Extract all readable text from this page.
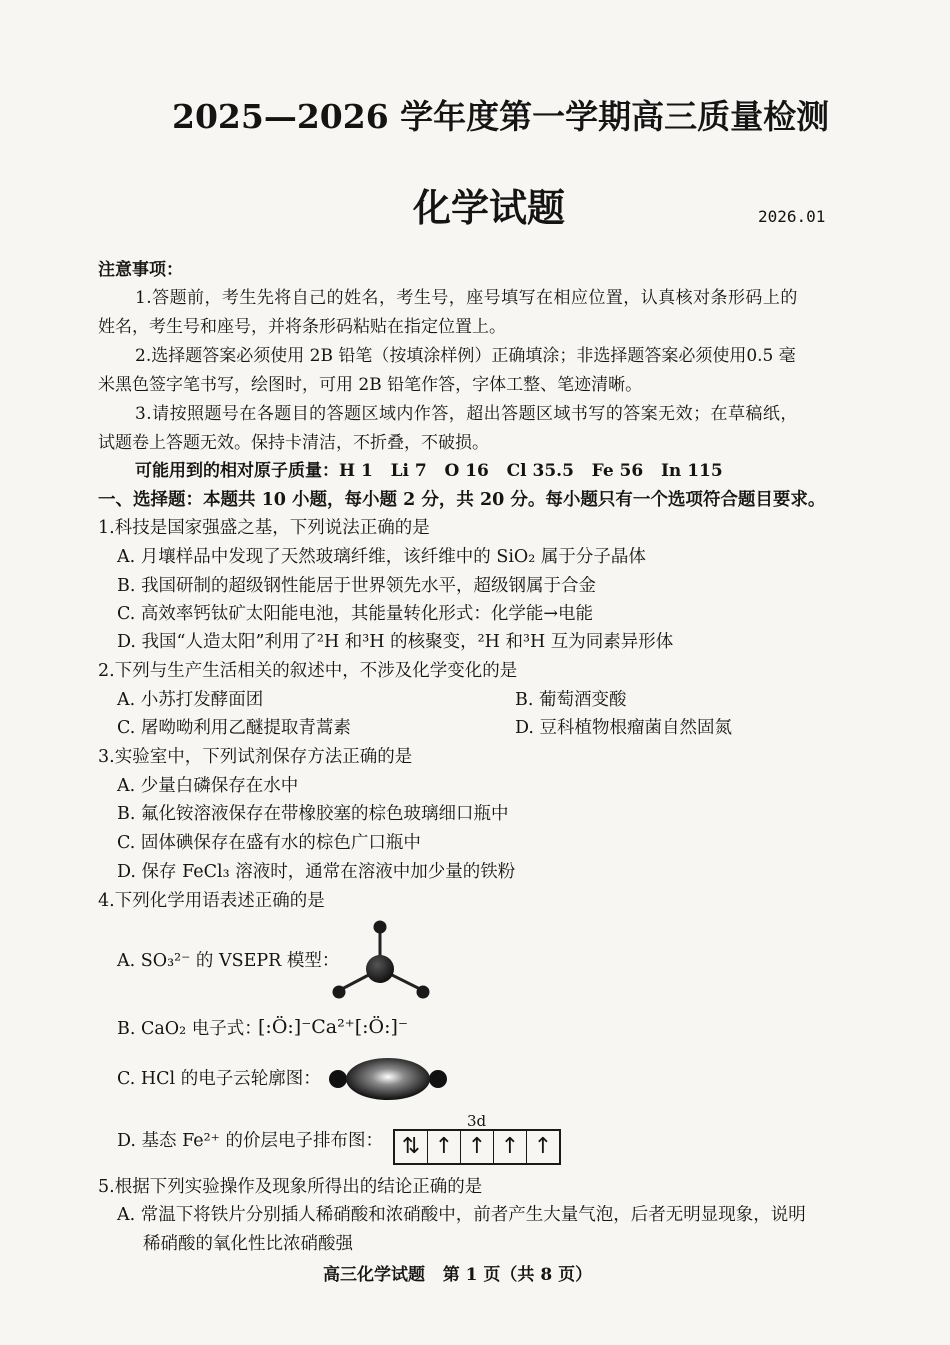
2025—2026 学年度第一学期高三质量检测
化学试题	2026.01
注意事项：
1.答题前，考生先将自己的姓名，考生号，座号填写在相应位置，认真核对条形码上的
姓名，考生号和座号，并将条形码粘贴在指定位置上。
2.选择题答案必须使用 2B 铅笔（按填涂样例）正确填涂；非选择题答案必须使用0.5 毫
米黑色签字笔书写，绘图时，可用 2B 铅笔作答，字体工整、笔迹清晰。
3.请按照题号在各题目的答题区域内作答，超出答题区域书写的答案无效；在草稿纸，
试题卷上答题无效。保持卡清洁，不折叠，不破损。
可能用到的相对原子质量：H 1   Li 7   O 16   Cl 35.5   Fe 56   In 115
一、选择题：本题共 10 小题，每小题 2 分，共 20 分。每小题只有一个选项符合题目要求。
1.科技是国家强盛之基，下列说法正确的是
A. 月壤样品中发现了天然玻璃纤维，该纤维中的 SiO₂ 属于分子晶体
B. 我国研制的超级钢性能居于世界领先水平，超级钢属于合金
C. 高效率钙钛矿太阳能电池，其能量转化形式：化学能→电能
D. 我国“人造太阳”利用了²H 和³H 的核聚变，²H 和³H 互为同素异形体
2.下列与生产生活相关的叙述中，不涉及化学变化的是
A. 小苏打发酵面团	B. 葡萄酒变酸
C. 屠呦呦利用乙醚提取青蒿素	D. 豆科植物根瘤菌自然固氮
3.实验室中，下列试剂保存方法正确的是
A. 少量白磷保存在水中
B. 氟化铵溶液保存在带橡胶塞的棕色玻璃细口瓶中
C. 固体碘保存在盛有水的棕色广口瓶中
D. 保存 FeCl₃ 溶液时，通常在溶液中加少量的铁粉
4.下列化学用语表述正确的是
A. SO₃²⁻ 的 VSEPR 模型：
B. CaO₂ 电子式：
[:Ö:]⁻Ca²⁺[:Ö:]⁻
C. HCl 的电子云轮廓图：
D. 基态 Fe²⁺ 的价层电子排布图：
3d
⇅ ↑ ↑ ↑ ↑
5.根据下列实验操作及现象所得出的结论正确的是
A. 常温下将铁片分别插人稀硝酸和浓硝酸中，前者产生大量气泡，后者无明显现象，说明
稀硝酸的氧化性比浓硝酸强
高三化学试题   第 1 页（共 8 页）
